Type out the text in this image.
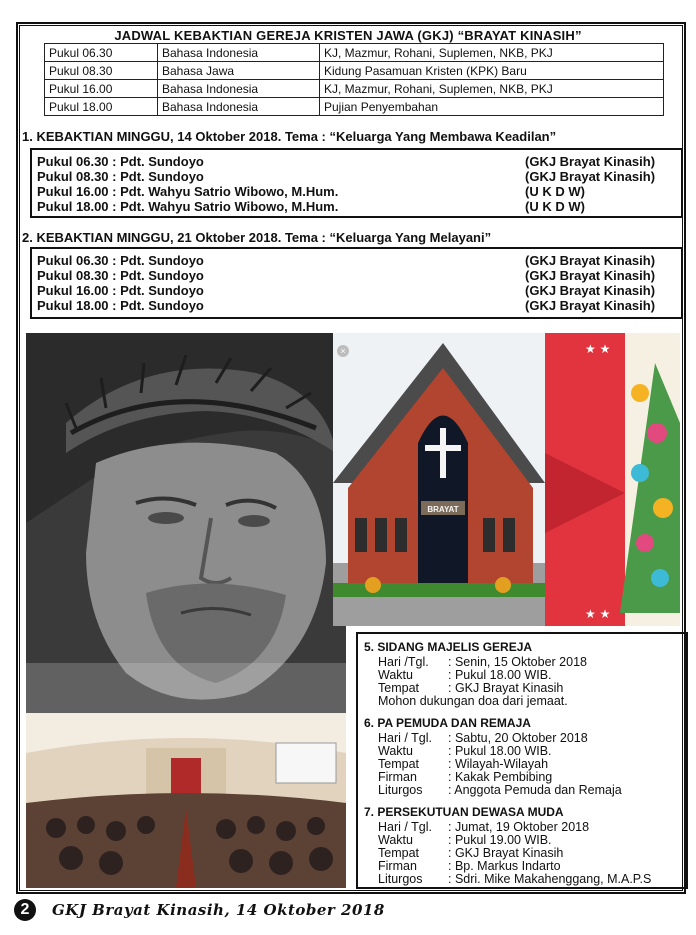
JADWAL KEBAKTIAN GEREJA KRISTEN JAWA (GKJ) “BRAYAT KINASIH”
Pukul 06.30	Bahasa Indonesia	KJ, Mazmur, Rohani, Suplemen, NKB, PKJ
Pukul 08.30	Bahasa Jawa	Kidung Pasamuan Kristen (KPK) Baru
Pukul 16.00	Bahasa Indonesia	KJ, Mazmur, Rohani, Suplemen, NKB, PKJ
Pukul 18.00	Bahasa Indonesia	Pujian Penyembahan
1. KEBAKTIAN MINGGU, 14 Oktober 2018. Tema : “Keluarga Yang Membawa Keadilan”
Pukul 06.30 : Pdt. Sundoyo	(GKJ Brayat Kinasih)
Pukul 08.30 : Pdt. Sundoyo	(GKJ Brayat Kinasih)
Pukul 16.00 : Pdt. Wahyu Satrio Wibowo, M.Hum.	(U K D W)
Pukul 18.00 : Pdt. Wahyu Satrio Wibowo, M.Hum.	(U K D W)
2. KEBAKTIAN MINGGU, 21 Oktober 2018. Tema : “Keluarga Yang Melayani”
Pukul 06.30 : Pdt. Sundoyo	(GKJ Brayat Kinasih)
Pukul 08.30 : Pdt. Sundoyo	(GKJ Brayat Kinasih)
Pukul 16.00 : Pdt. Sundoyo	(GKJ Brayat Kinasih)
Pukul 18.00 : Pdt. Sundoyo	(GKJ Brayat Kinasih)
BRAYAT
×	★ ★
★ ★
5. SIDANG MAJELIS GEREJA
Hari /Tgl. : Senin, 15 Oktober 2018
Waktu	: Pukul 18.00 WIB.
Tempat : GKJ Brayat Kinasih
Mohon dukungan doa dari jemaat.
6. PA PEMUDA DAN REMAJA
Hari / Tgl. : Sabtu, 20 Oktober 2018
Waktu	: Pukul 18.00 WIB.
Tempat : Wilayah-Wilayah
Firman : Kakak Pembibing
Liturgos : Anggota Pemuda dan Remaja
7. PERSEKUTUAN DEWASA MUDA
Hari / Tgl. : Jumat, 19 Oktober 2018
Waktu	: Pukul 19.00 WIB.
Tempat : GKJ Brayat Kinasih
Firman : Bp. Markus Indarto
Liturgos : Sdri. Mike Makahenggang, M.A.P.S
2	GKJ Brayat Kinasih, 14 Oktober 2018
